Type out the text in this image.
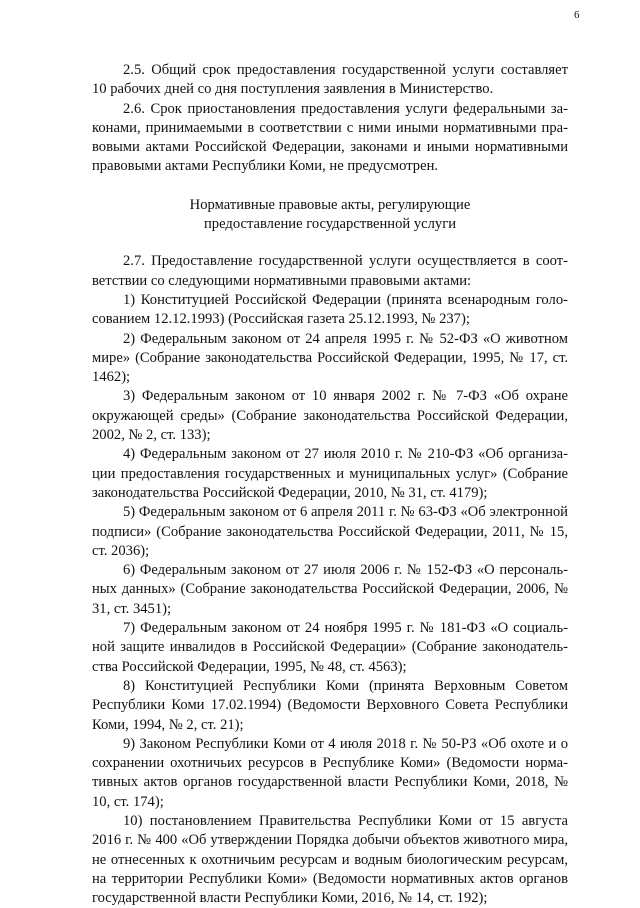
6

2.5. Общий срок предоставления государственной услуги составляет 10 рабочих дней со дня поступления заявления в Министерство.

2.6. Срок приостановления предоставления услуги федеральными законами, принимаемыми в соответствии с ними иными нормативными правовыми актами Российской Федерации, законами и иными нормативными правовыми актами Республики Коми, не предусмотрен.

Нормативные правовые акты, регулирующие
предоставление государственной услуги

2.7. Предоставление государственной услуги осуществляется в соответствии со следующими нормативными правовыми актами:

1) Конституцией Российской Федерации (принята всенародным голосованием 12.12.1993) (Российская газета 25.12.1993, № 237);

2) Федеральным законом от 24 апреля 1995 г. № 52-ФЗ «О животном мире» (Собрание законодательства Российской Федерации, 1995, № 17, ст. 1462);

3) Федеральным законом от 10 января 2002 г. № 7-ФЗ «Об охране окружающей среды» (Собрание законодательства Российской Федерации, 2002, № 2, ст. 133);

4) Федеральным законом от 27 июля 2010 г. № 210-ФЗ «Об организации предоставления государственных и муниципальных услуг» (Собрание законодательства Российской Федерации, 2010, № 31, ст. 4179);

5) Федеральным законом от 6 апреля 2011 г. № 63-ФЗ «Об электронной подписи» (Собрание законодательства Российской Федерации, 2011, № 15, ст. 2036);

6) Федеральным законом от 27 июля 2006 г. № 152-ФЗ «О персональных данных» (Собрание законодательства Российской Федерации, 2006, № 31, ст. 3451);

7) Федеральным законом от 24 ноября 1995 г. № 181-ФЗ «О социальной защите инвалидов в Российской Федерации» (Собрание законодательства Российской Федерации, 1995, № 48, ст. 4563);

8) Конституцией Республики Коми (принята Верховным Советом Республики Коми 17.02.1994) (Ведомости Верховного Совета Республики Коми, 1994, № 2, ст. 21);

9) Законом Республики Коми от 4 июля 2018 г. № 50-РЗ «Об охоте и о сохранении охотничьих ресурсов в Республике Коми» (Ведомости нормативных актов органов государственной власти Республики Коми, 2018, № 10, ст. 174);

10) постановлением Правительства Республики Коми от 15 августа 2016 г. № 400 «Об утверждении Порядка добычи объектов животного мира, не отнесенных к охотничьим ресурсам и водным биологическим ресурсам, на территории Республики Коми» (Ведомости нормативных актов органов государственной власти Республики Коми, 2016, № 14, ст. 192);
